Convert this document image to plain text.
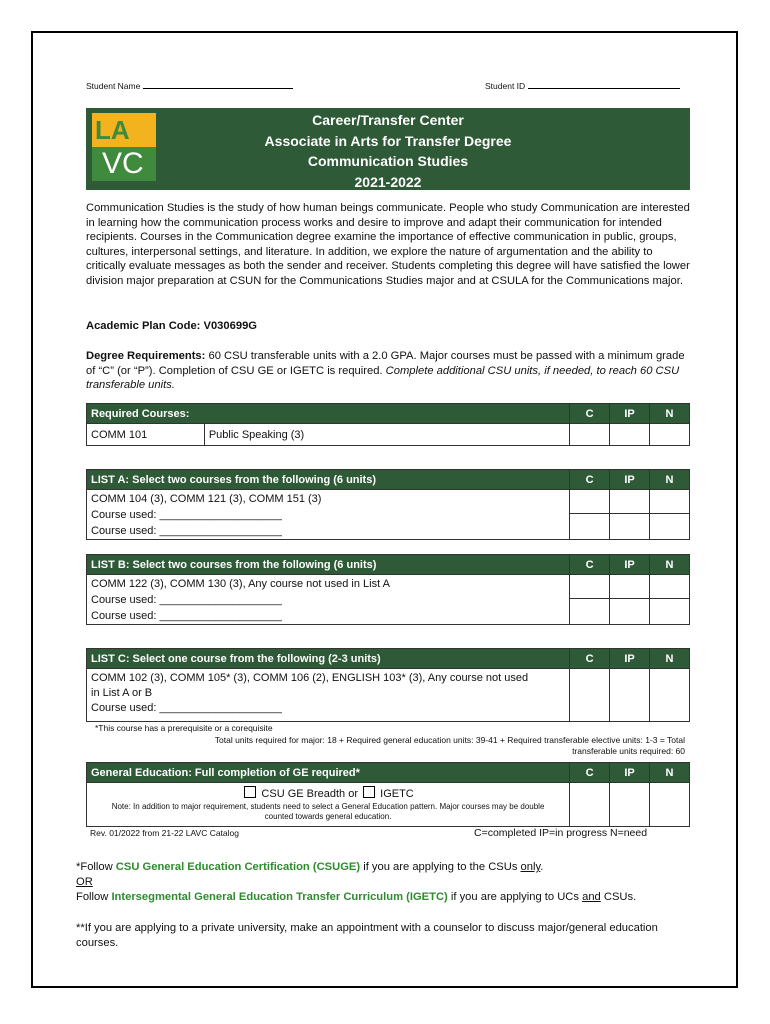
Student Name	Student ID
Career/Transfer Center
Associate in Arts for Transfer Degree
Communication Studies
2021-2022
LA
VC
Communication Studies is the study of how human beings communicate. People who study Communication are interested in learning how the communication process works and desire to improve and adapt their communication for intended recipients. Courses in the Communication degree examine the importance of effective communication in public, groups, cultures, interpersonal settings, and literature. In addition, we explore the nature of argumentation and the ability to critically evaluate messages as both the sender and receiver. Students completing this degree will have satisfied the lower division major preparation at CSUN for the Communications Studies major and at CSULA for the Communications major.
Academic Plan Code: V030699G
Degree Requirements: 60 CSU transferable units with a 2.0 GPA. Major courses must be passed with a minimum grade of “C” (or “P”). Completion of CSU GE or IGETC is required. Complete additional CSU units, if needed, to reach 60 CSU transferable units.
Required Courses:		C	IP	N
COMM 101	Public Speaking (3)			
LIST A: Select two courses from the following (6 units)	C	IP	N

COMM 104 (3), COMM 121 (3), COMM 151 (3)
Course used: ____________________
Course used: ____________________			

LIST B: Select two courses from the following (6 units)	C	IP	N

COMM 122 (3), COMM 130 (3), Any course not used in List A
Course used: ____________________
Course used: ____________________			

LIST C: Select one course from the following (2-3 units)	C	IP	N

COMM 102 (3), COMM 105* (3), COMM 106 (2), ENGLISH 103* (3), Any course not used in List A or B
Course used: ____________________			

*This course has a prerequisite or a corequisite
Total units required for major: 18 + Required general education units: 39-41 + Required transferable elective units: 1-3 = Total
transferable units required: 60
General Education: Full completion of GE required*	C	IP	N

CSU GE Breadth or IGETC
Note: In addition to major requirement, students need to select a General Education pattern. Major courses may be double counted towards general education.			

Rev. 01/2022 from 21-22 LAVC Catalog	C=completed IP=in progress N=need
*Follow CSU General Education Certification (CSUGE) if you are applying to the CSUs only.
OR
Follow Intersegmental General Education Transfer Curriculum (IGETC) if you are applying to UCs and CSUs.
**If you are applying to a private university, make an appointment with a counselor to discuss major/general education courses.
